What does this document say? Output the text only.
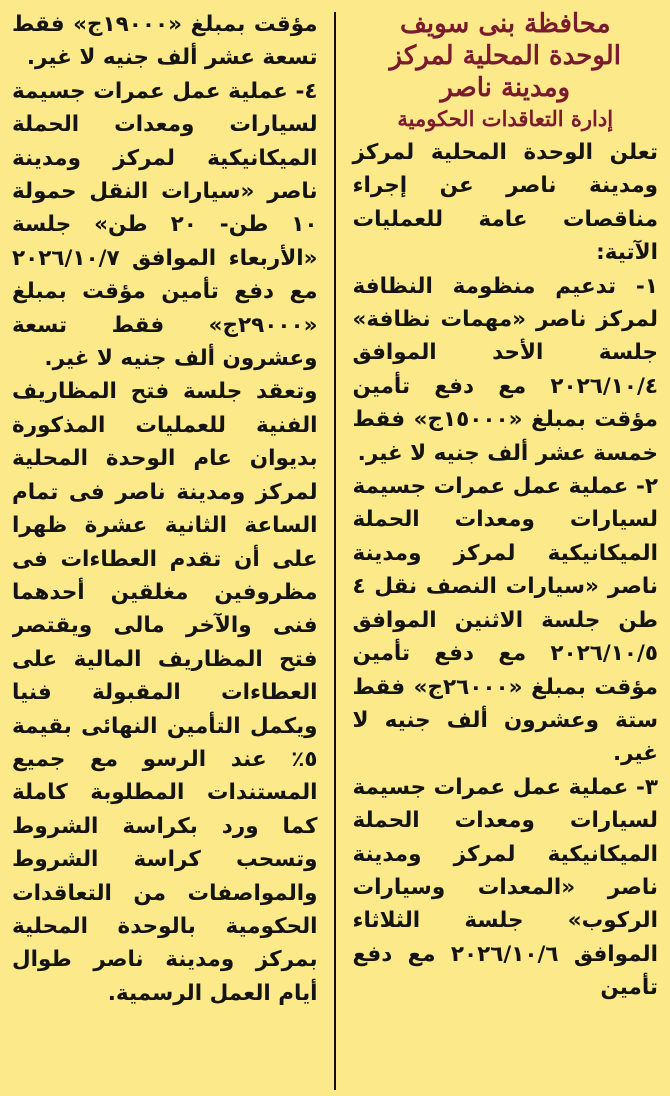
محافظة بنى سويف
الوحدة المحلية لمركز
ومدينة ناصر
إدارة التعاقدات الحكومية

تعلن الوحدة المحلية لمركز ومدينة ناصر عن إجراء مناقصات عامة للعمليات الآتية:

١- تدعيم منظومة النظافة لمركز ناصر «مهمات نظافة» جلسة الأحد الموافق ٢٠٢٦/١٠/٤ مع دفع تأمين مؤقت بمبلغ «١٥٠٠٠ج» فقط خمسة عشر ألف جنيه لا غير.

٢- عملية عمل عمرات جسيمة لسيارات ومعدات الحملة الميكانيكية لمركز ومدينة ناصر «سيارات النصف نقل ٤ طن جلسة الاثنين الموافق ٢٠٢٦/١٠/٥ مع دفع تأمين مؤقت بمبلغ «٢٦٠٠٠ج» فقط ستة وعشرون ألف جنيه لا غير.

٣- عملية عمل عمرات جسيمة لسيارات ومعدات الحملة الميكانيكية لمركز ومدينة ناصر «المعدات وسيارات الركوب» جلسة الثلاثاء الموافق ٢٠٢٦/١٠/٦ مع دفع تأمين

مؤقت بمبلغ «١٩٠٠٠ج» فقط تسعة عشر ألف جنيه لا غير.

٤- عملية عمل عمرات جسيمة لسيارات ومعدات الحملة الميكانيكية لمركز ومدينة ناصر «سيارات النقل حمولة ١٠ طن- ٢٠ طن» جلسة «الأربعاء الموافق ٢٠٢٦/١٠/٧ مع دفع تأمين مؤقت بمبلغ «٢٩٠٠٠ج» فقط تسعة وعشرون ألف جنيه لا غير.

وتعقد جلسة فتح المظاريف الفنية للعمليات المذكورة بديوان عام الوحدة المحلية لمركز ومدينة ناصر فى تمام الساعة الثانية عشرة ظهرا على أن تقدم العطاءات فى مظروفين مغلقين أحدهما فنى والآخر مالى ويقتصر فتح المظاريف المالية على العطاءات المقبولة فنيا ويكمل التأمين النهائى بقيمة ٥٪ عند الرسو مع جميع المستندات المطلوبة كاملة كما ورد بكراسة الشروط وتسحب كراسة الشروط والمواصفات من التعاقدات الحكومية بالوحدة المحلية بمركز ومدينة ناصر طوال أيام العمل الرسمية.
